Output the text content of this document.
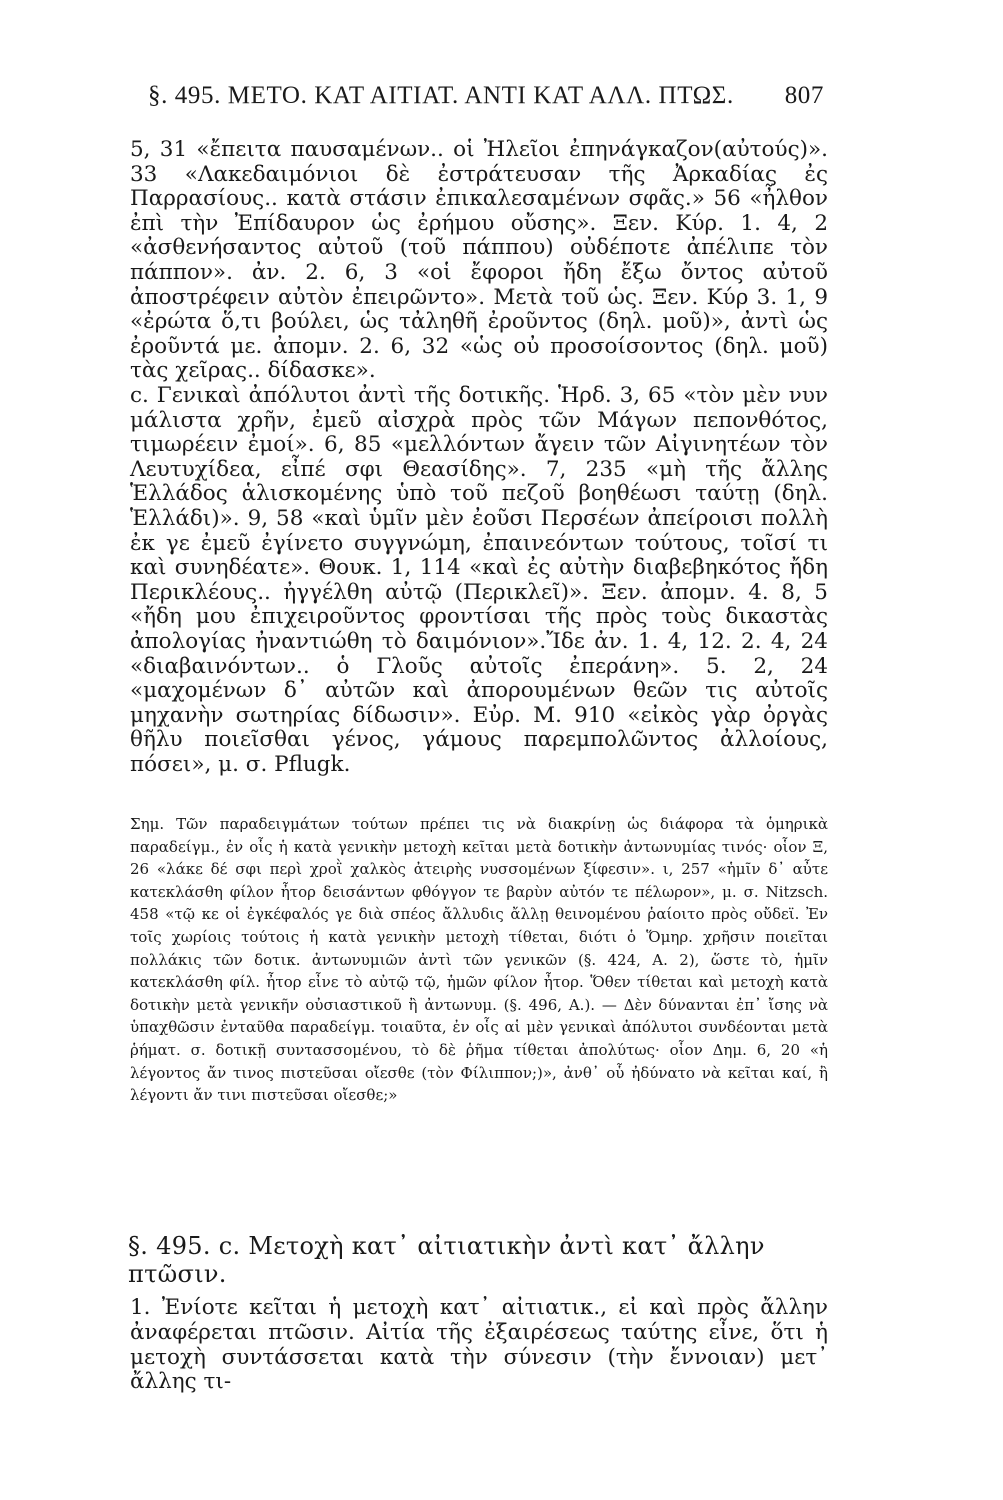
§. 495. ΜΕΤΟ. ΚΑΤ ΑΙΤΙΑΤ. ΑΝΤΙ ΚΑΤ ΑΛΛ. ΠΤΩΣ. 807

5, 31 «ἔπειτα παυσαμένων.. οἱ Ἠλεῖοι ἐπηνάγκαζον(αὐτούς)». 33 «Λακεδαιμόνιοι δὲ ἐστράτευσαν τῆς Ἀρκαδίας ἐς Παρρασίους.. κατὰ στάσιν ἐπικαλεσαμένων σφᾶς.» 56 «ἦλθον ἐπὶ τὴν Ἐπίδαυρον ὡς ἐρήμου οὔσης». Ξεν. Κύρ. 1. 4, 2 «ἀσθενήσαντος αὐτοῦ (τοῦ πάππου) οὐδέποτε ἀπέλιπε τὸν πάππον». ἀν. 2. 6, 3 «οἱ ἔφοροι ἤδη ἔξω ὄντος αὐτοῦ ἀποστρέφειν αὐτὸν ἐπειρῶντο». Μετὰ τοῦ ὡς. Ξεν. Κύρ 3. 1, 9 «ἐρώτα ὅ,τι βούλει, ὡς τἀληθῆ ἐροῦντος (δηλ. μοῦ)», ἀντὶ ὡς ἐροῦντά με. ἀπομν. 2. 6, 32 «ὡς οὐ προσοίσοντος (δηλ. μοῦ) τὰς χεῖρας.. δίδασκε».

c. Γενικαὶ ἀπόλυτοι ἀντὶ τῆς δοτικῆς. Ἡρδ. 3, 65 «τὸν μὲν νυν μάλιστα χρῆν, ἐμεῦ αἰσχρὰ πρὸς τῶν Μάγων πεπονθότος, τιμωρέειν ἐμοί». 6, 85 «μελλόντων ἄγειν τῶν Αἰγινητέων τὸν Λευτυχίδεα, εἶπέ σφι Θεασίδης». 7, 235 «μὴ τῆς ἄλλης Ἑλλάδος ἁλισκομένης ὑπὸ τοῦ πεζοῦ βοηθέωσι ταύτῃ (δηλ. Ἑλλάδι)». 9, 58 «καὶ ὑμῖν μὲν ἐοῦσι Περσέων ἀπείροισι πολλὴ ἐκ γε ἐμεῦ ἐγίνετο συγγνώμη, ἐπαινεόντων τούτους, τοῖσί τι καὶ συνηδέατε». Θουκ. 1, 114 «καὶ ἐς αὐτὴν διαβεβηκότος ἤδη Περικλέους.. ἠγγέλθη αὐτῷ (Περικλεῖ)». Ξεν. ἀπομν. 4. 8, 5 «ἤδη μου ἐπιχειροῦντος φροντίσαι τῆς πρὸς τοὺς δικαστὰς ἀπολογίας ἠναντιώθη τὸ δαιμόνιον».Ἴδε ἀν. 1. 4, 12. 2. 4, 24 «διαβαινόντων.. ὁ Γλοῦς αὐτοῖς ἐπεράνη». 5. 2, 24 «μαχομένων δ᾽ αὐτῶν καὶ ἀπορουμένων θεῶν τις αὐτοῖς μηχανὴν σωτηρίας δίδωσιν». Εὐρ. Μ. 910 «εἰκὸς γὰρ ὀργὰς θῆλυ ποιεῖσθαι γένος, γάμους παρεμπολῶντος ἀλλοίους, πόσει», μ. σ. Pflugk.

Σημ. Τῶν παραδειγμάτων τούτων πρέπει τις νὰ διακρίνῃ ὡς διάφορα τὰ ὁμηρικὰ παραδείγμ., ἐν οἷς ἡ κατὰ γενικὴν μετοχὴ κεῖται μετὰ δοτικὴν ἀντωνυμίας τινός· οἷον Ξ, 26 «λάκε δέ σφι περὶ χροῒ χαλκὸς ἀτειρὴς νυσσομένων ξίφεσιν». ι, 257 «ἡμῖν δ᾽ αὖτε κατεκλάσθη φίλον ἦτορ δεισάντων φθόγγον τε βαρὺν αὐτόν τε πέλωρον», μ. σ. Nitzsch. 458 «τῷ κε οἱ ἐγκέφαλός γε διὰ σπέος ἄλλυδις ἄλλῃ θεινομένου ῥαίοιτο πρὸς οὔδεϊ. Ἐν τοῖς χωρίοις τούτοις ἡ κατὰ γενικὴν μετοχὴ τίθεται, διότι ὁ Ὅμηρ. χρῆσιν ποιεῖται πολλάκις τῶν δοτικ. ἀντωνυμιῶν ἀντὶ τῶν γενικῶν (§. 424, Α. 2), ὥστε τὸ, ἡμῖν κατεκλάσθη φίλ. ἦτορ εἶνε τὸ αὐτῷ τῷ, ἡμῶν φίλον ἦτορ. Ὅθεν τίθεται καὶ μετοχὴ κατὰ δοτικὴν μετὰ γενικῆν οὐσιαστικοῦ ἢ ἀντωνυμ. (§. 496, Α.). — Δὲν δύνανται ἐπ᾽ ἴσης νὰ ὑπαχθῶσιν ἐνταῦθα παραδείγμ. τοιαῦτα, ἐν οἷς αἱ μὲν γενικαὶ ἀπόλυτοι συνδέονται μετὰ ῥήματ. σ. δοτικῇ συντασσομένου, τὸ δὲ ῥῆμα τίθεται ἀπολύτως· οἷον Δημ. 6, 20 «ἡ λέγοντος ἄν τινος πιστεῦσαι οἴεσθε (τὸν Φίλιππον;)», ἀνθ᾽ οὗ ἠδύνατο νὰ κεῖται καί, ἢ λέγοντι ἄν τινι πιστεῦσαι οἴεσθε;»

§. 495. c. Μετοχὴ κατ᾽ αἰτιατικὴν ἀντὶ κατ᾽ ἄλλην πτῶσιν.

1. Ἐνίοτε κεῖται ἡ μετοχὴ κατ᾽ αἰτιατικ., εἰ καὶ πρὸς ἄλλην ἀναφέρεται πτῶσιν. Αἰτία τῆς ἐξαιρέσεως ταύτης εἶνε, ὅτι ἡ μετοχὴ συντάσσεται κατὰ τὴν σύνεσιν (τὴν ἔννοιαν) μετ᾽ ἄλλης τι-
